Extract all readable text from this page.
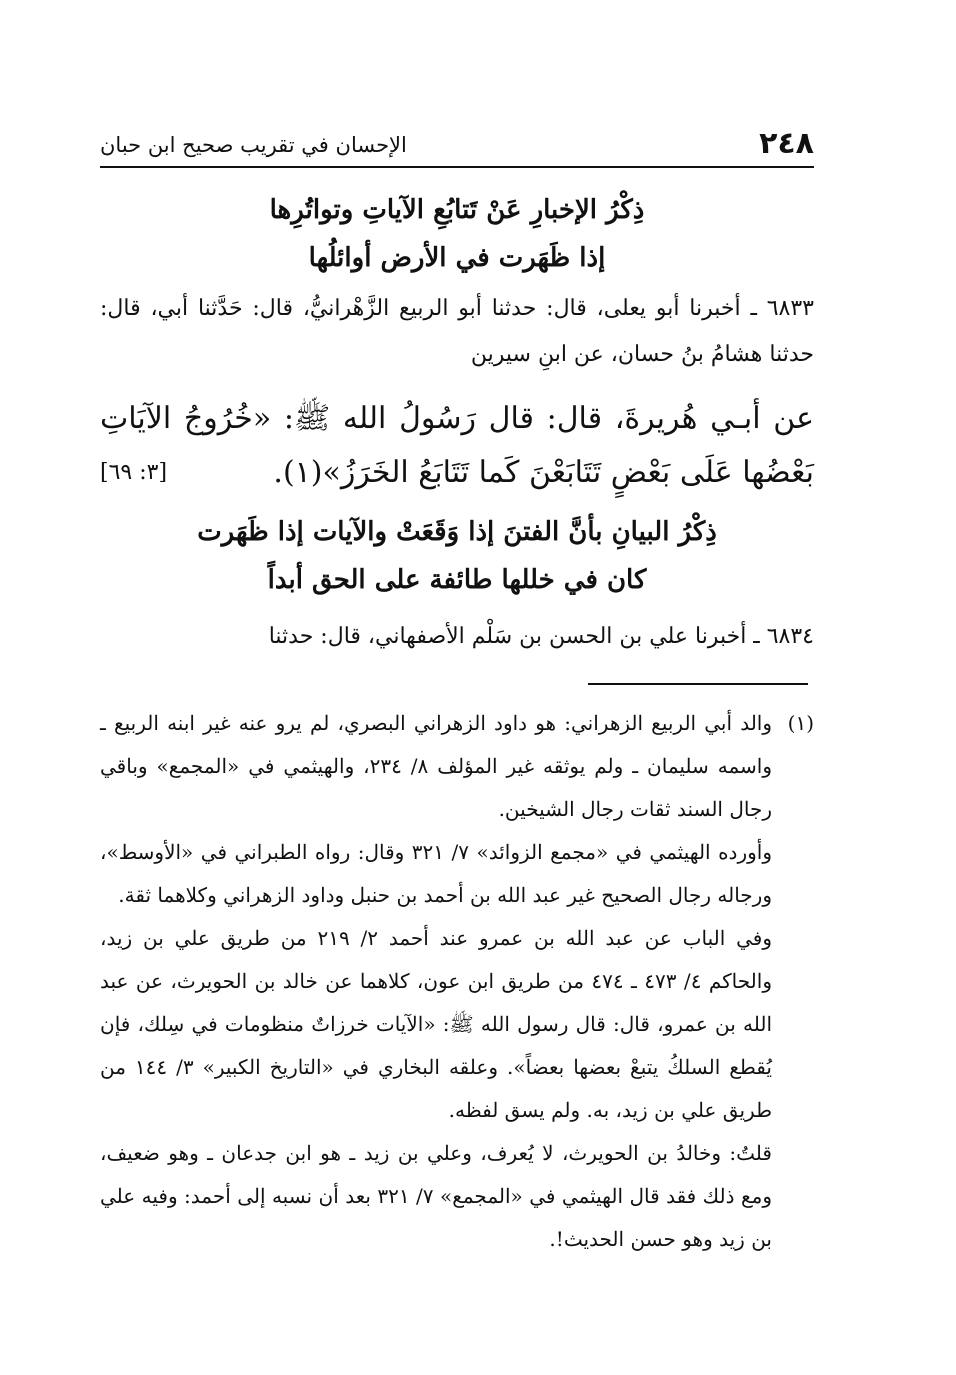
٢٤٨
الإحسان في تقريب صحيح ابن حبان
ذِكْرُ الإخبارِ عَنْ تَتابُعِ الآياتِ وتواتُرِها
إذا ظَهَرت في الأرض أوائلُها
٦٨٣٣ ـ أخبرنا أبو يعلى، قال: حدثنا أبو الربيع الزَّهْرانيُّ، قال: حَدَّثنا أبي، قال: حدثنا هشامُ بنُ حسان، عن ابنِ سيرين
عن أبـي هُريرةَ، قال: قال رَسُولُ الله ﷺ: «خُرُوجُ الآيَاتِ بَعْضُها عَلَى بَعْضٍ تَتَابَعْنَ كَما تَتَابَعُ الخَرَزُ»(١).
[٣: ٦٩]
ذِكْرُ البيانِ بأنَّ الفتنَ إذا وَقَعَتْ والآيات إذا ظَهَرت
كان في خللها طائفة على الحق أبداً
٦٨٣٤ ـ أخبرنا علي بن الحسن بن سَلْم الأصفهاني، قال: حدثنا
(١)

والد أبي الربيع الزهراني: هو داود الزهراني البصري، لم يرو عنه غير ابنه الربيع ـ واسمه سليمان ـ ولم يوثقه غير المؤلف ٨/ ٢٣٤، والهيثمي في «المجمع» وباقي رجال السند ثقات رجال الشيخين.

وأورده الهيثمي في «مجمع الزوائد» ٧/ ٣٢١ وقال: رواه الطبراني في «الأوسط»، ورجاله رجال الصحيح غير عبد الله بن أحمد بن حنبل وداود الزهراني وكلاهما ثقة.

وفي الباب عن عبد الله بن عمرو عند أحمد ٢/ ٢١٩ من طريق علي بن زيد، والحاكم ٤/ ٤٧٣ ـ ٤٧٤ من طريق ابن عون، كلاهما عن خالد بن الحويرث، عن عبد الله بن عمرو، قال: قال رسول الله ﷺ: «الآيات خرزاتٌ منظومات في سِلك، فإن يُقطع السلكُ يتبعْ بعضها بعضاً». وعلقه البخاري في «التاريخ الكبير» ٣/ ١٤٤ من طريق علي بن زيد، به. ولم يسق لفظه.

قلتُ: وخالدُ بن الحويرث، لا يُعرف، وعلي بن زيد ـ هو ابن جدعان ـ وهو ضعيف، ومع ذلك فقد قال الهيثمي في «المجمع» ٧/ ٣٢١ بعد أن نسبه إلى أحمد: وفيه علي بن زيد وهو حسن الحديث!.
